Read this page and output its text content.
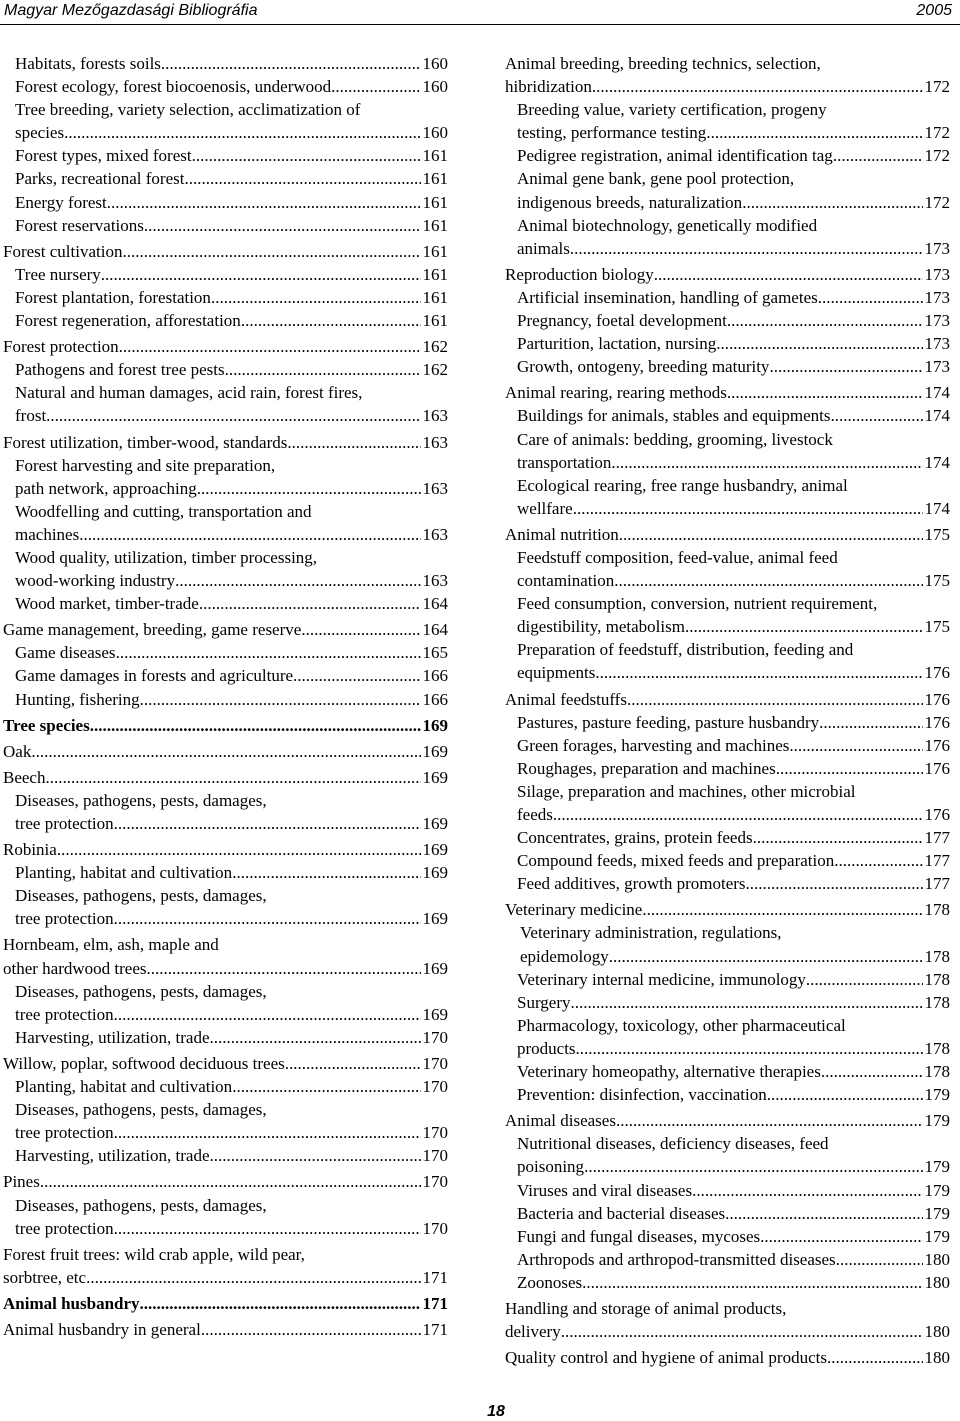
Magyar Mezőgazdasági Bibliográfia	2005
Habitats, forests soils .....	160
Forest ecology, forest biocoenosis, underwood .....	160
Tree breeding, variety selection, acclimatization of
species .....	160
Forest types, mixed forest .....	161
Parks, recreational forest .....	161
Energy forest .....	161
Forest reservations .....	161
Forest cultivation .....	161
Tree nursery .....	161
Forest plantation, forestation .....	161
Forest regeneration, afforestation .....	161
Forest protection .....	162
Pathogens and forest tree pests .....	162
Natural and human damages, acid rain, forest fires,
frost .....	163
Forest utilization, timber-wood, standards .....	163
Forest harvesting and site preparation,
path network, approaching .....	163
Woodfelling and cutting, transportation and
machines .....	163
Wood quality, utilization, timber processing,
wood-working industry .....	163
Wood market, timber-trade .....	164
Game management, breeding, game reserve .....	164
Game diseases .....	165
Game damages in forests and agriculture .....	166
Hunting, fishering .....	166
Tree species .....	169
Oak .....	169
Beech .....	169
Diseases, pathogens, pests, damages,
tree protection .....	169
Robinia .....	169
Planting, habitat and cultivation .....	169
Diseases, pathogens, pests, damages,
tree protection .....	169
Hornbeam, elm, ash, maple and
other hardwood trees .....	169
Diseases, pathogens, pests, damages,
tree protection .....	169
Harvesting, utilization, trade .....	170
Willow, poplar, softwood deciduous trees .....	170
Planting, habitat and cultivation .....	170
Diseases, pathogens, pests, damages,
tree protection .....	170
Harvesting, utilization, trade .....	170
Pines .....	170
Diseases, pathogens, pests, damages,
tree protection .....	170
Forest fruit trees: wild crab apple, wild pear,
sorbtree, etc .....	171
Animal husbandry .....	171
Animal husbandry in general .....	171
Animal breeding, breeding technics, selection,
hibridization .....	172
Breeding value, variety certification, progeny
testing, performance testing .....	172
Pedigree registration, animal identification tag .....	172
Animal gene bank, gene pool protection,
indigenous breeds, naturalization .....	172
Animal biotechnology, genetically modified
animals .....	173
Reproduction biology .....	173
Artificial insemination, handling of gametes .....	173
Pregnancy, foetal development .....	173
Parturition, lactation, nursing .....	173
Growth, ontogeny, breeding maturity .....	173
Animal rearing, rearing methods .....	174
Buildings for animals, stables and equipments .....	174
Care of animals: bedding, grooming, livestock
transportation .....	174
Ecological rearing, free range husbandry, animal
wellfare .....	174
Animal nutrition .....	175
Feedstuff composition, feed-value, animal feed
contamination .....	175
Feed consumption, conversion, nutrient requirement,
digestibility, metabolism .....	175
Preparation of feedstuff, distribution, feeding and
equipments .....	176
Animal feedstuffs .....	176
Pastures, pasture feeding, pasture husbandry .....	176
Green forages, harvesting and machines .....	176
Roughages, preparation and machines .....	176
Silage, preparation and machines, other microbial
feeds .....	176
Concentrates, grains, protein feeds .....	177
Compound feeds, mixed feeds and preparation .....	177
Feed additives, growth promoters .....	177
Veterinary medicine .....	178
Veterinary administration, regulations,
epidemology .....	178
Veterinary internal medicine, immunology .....	178
Surgery .....	178
Pharmacology, toxicology, other pharmaceutical
products .....	178
Veterinary homeopathy, alternative therapies .....	178
Prevention: disinfection, vaccination .....	179
Animal diseases .....	179
Nutritional diseases, deficiency diseases, feed
poisoning .....	179
Viruses and viral diseases .....	179
Bacteria and bacterial diseases .....	179
Fungi and fungal diseases, mycoses .....	179
Arthropods and arthropod-transmitted diseases .....	180
Zoonoses .....	180
Handling and storage of animal products,
delivery .....	180
Quality control and hygiene of animal products .....	180
18
